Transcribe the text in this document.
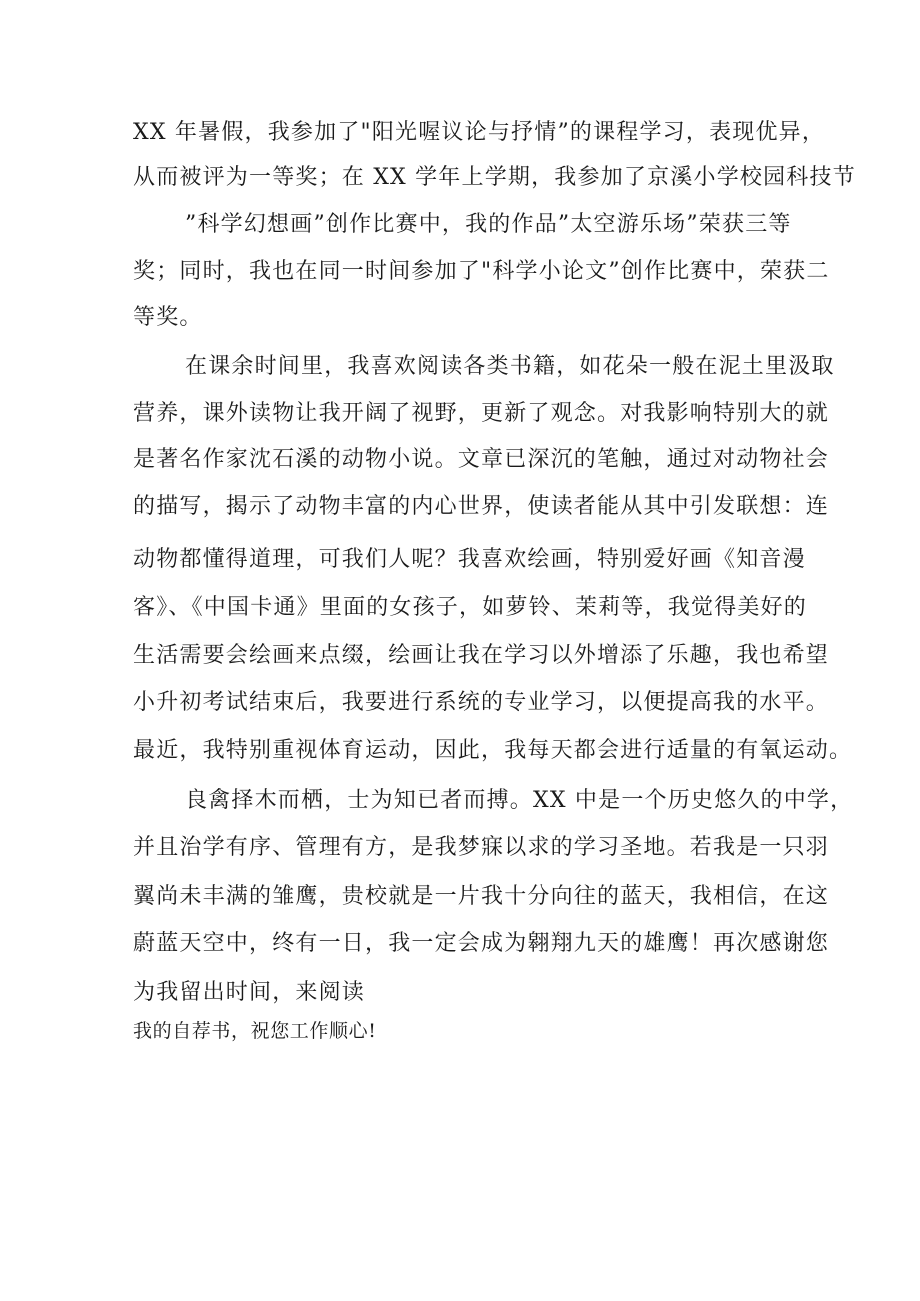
XX 年暑假，我参加了"阳光喔议论与抒情”的课程学习，表现优异，
从而被评为一等奖；在 XX 学年上学期，我参加了京溪小学校园科技节
”科学幻想画”创作比赛中，我的作品”太空游乐场”荣获三等
奖；同时，我也在同一时间参加了"科学小论文”创作比赛中，荣获二
等奖。
在课余时间里，我喜欢阅读各类书籍，如花朵一般在泥土里汲取
营养，课外读物让我开阔了视野，更新了观念。对我影响特别大的就
是著名作家沈石溪的动物小说。文章已深沉的笔触，通过对动物社会
的描写，揭示了动物丰富的内心世界，使读者能从其中引发联想：连
动物都懂得道理，可我们人呢？我喜欢绘画，特别爱好画《知音漫
客》、《中国卡通》里面的女孩子，如萝铃、茉莉等，我觉得美好的
生活需要会绘画来点缀，绘画让我在学习以外增添了乐趣，我也希望
小升初考试结束后，我要进行系统的专业学习，以便提高我的水平。
最近，我特别重视体育运动，因此，我每天都会进行适量的有氧运动。
良禽择木而栖，士为知已者而搏。XX 中是一个历史悠久的中学，
并且治学有序、管理有方，是我梦寐以求的学习圣地。若我是一只羽
翼尚未丰满的雏鹰，贵校就是一片我十分向往的蓝天，我相信，在这
蔚蓝天空中，终有一日，我一定会成为翱翔九天的雄鹰！再次感谢您
为我留出时间，来阅读
我的自荐书，祝您工作顺心!
